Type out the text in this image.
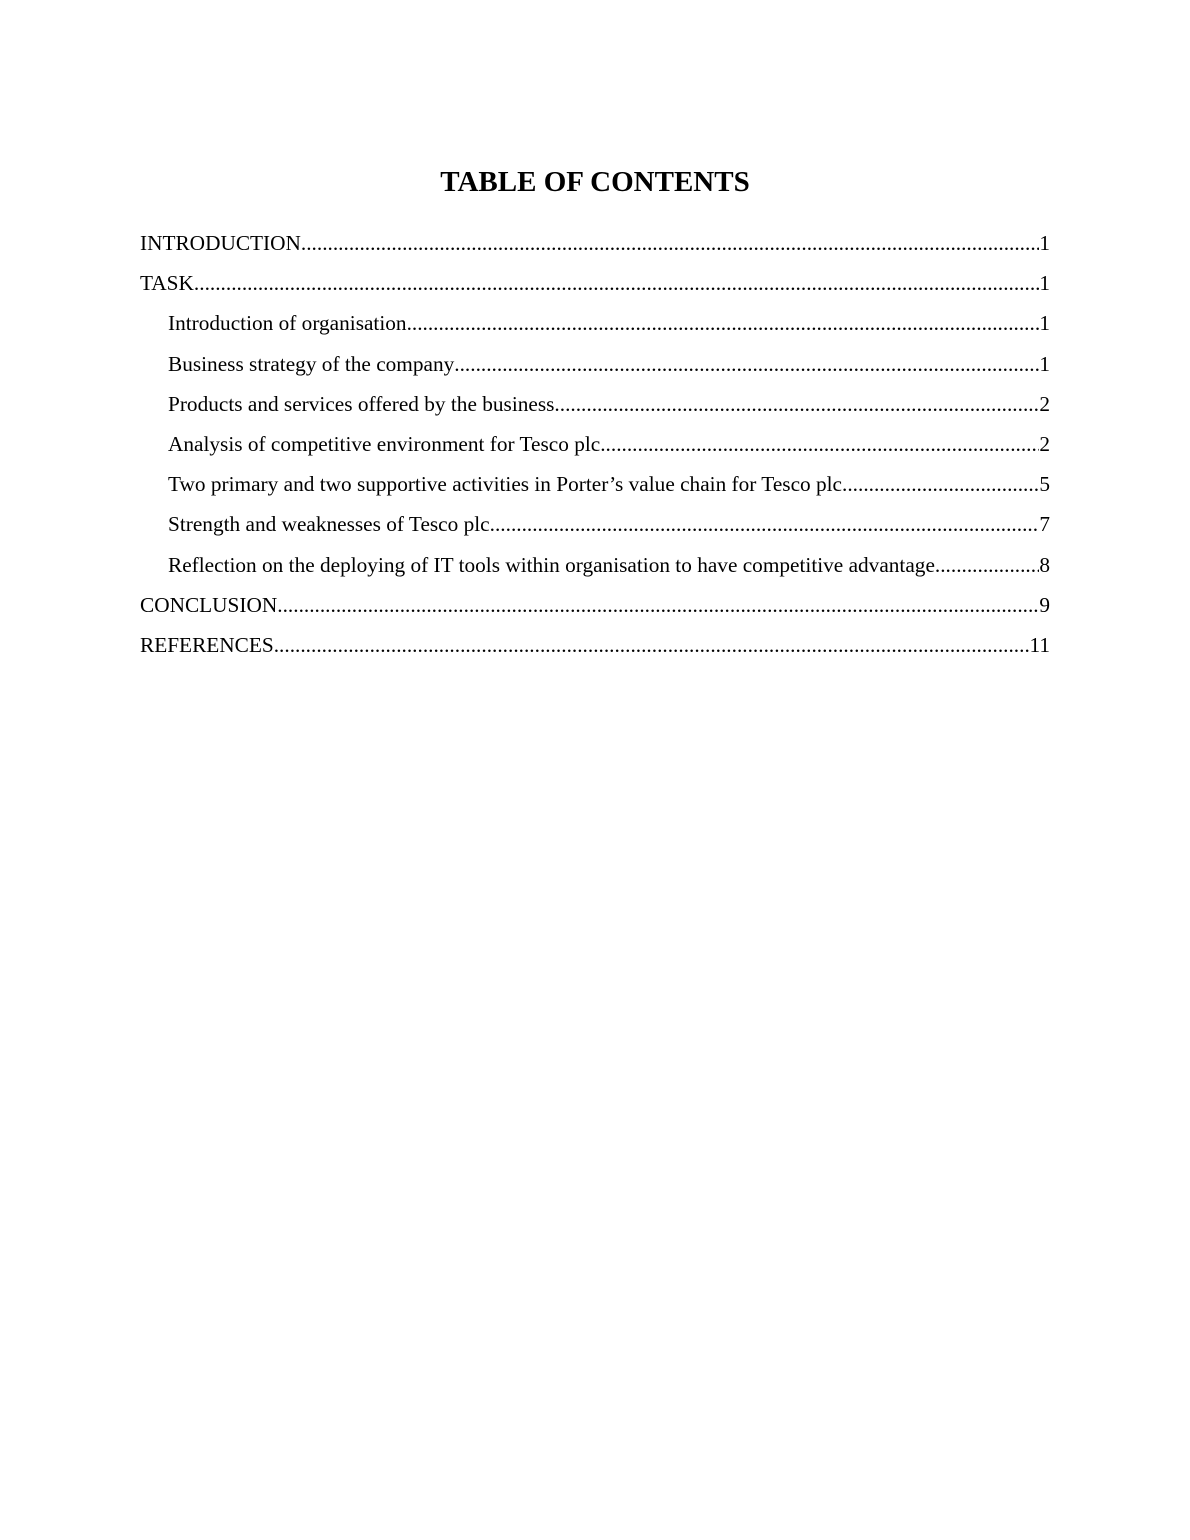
TABLE OF CONTENTS
INTRODUCTION .....	1
TASK .....	1
Introduction of organisation .....	1
Business strategy of the company .....	1
Products and services offered by the business .....	2
Analysis of competitive environment for Tesco plc .....	2
Two primary and two supportive activities in Porter’s value chain for Tesco plc .....	5
Strength and weaknesses of Tesco plc .....	7
Reflection on the deploying of IT tools within organisation to have competitive advantage .....	8
CONCLUSION .....	9
REFERENCES .....	11
